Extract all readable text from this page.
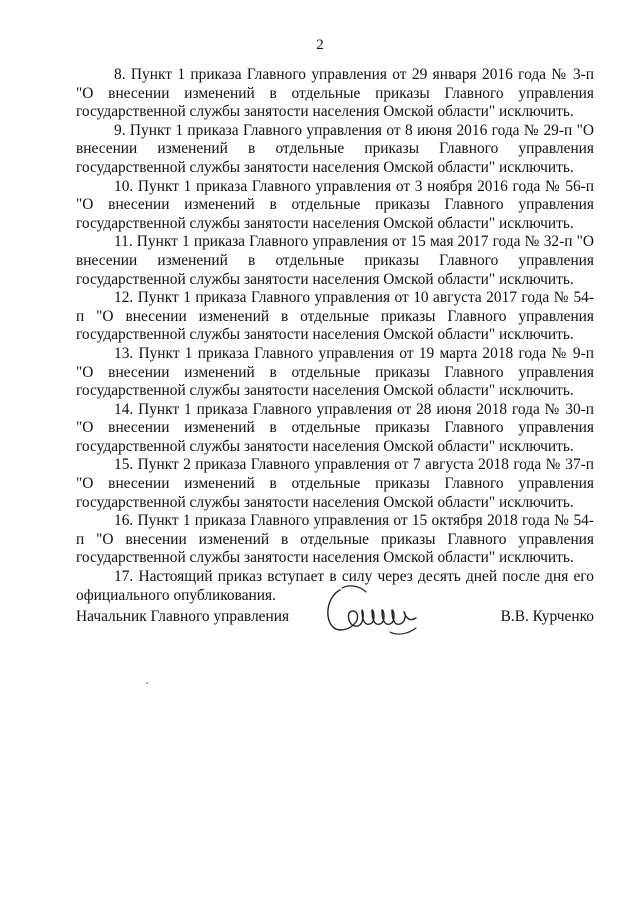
2

8. Пункт 1 приказа Главного управления от 29 января 2016 года № 3-п "О внесении изменений в отдельные приказы Главного управления государственной службы занятости населения Омской области" исключить.

9. Пункт 1 приказа Главного управления от 8 июня 2016 года № 29-п "О внесении изменений в отдельные приказы Главного управления государственной службы занятости населения Омской области" исключить.

10. Пункт 1 приказа Главного управления от 3 ноября 2016 года № 56-п "О внесении изменений в отдельные приказы Главного управления государственной службы занятости населения Омской области" исключить.

11. Пункт 1 приказа Главного управления от 15 мая 2017 года № 32-п "О внесении изменений в отдельные приказы Главного управления государственной службы занятости населения Омской области" исключить.

12. Пункт 1 приказа Главного управления от 10 августа 2017 года № 54-п "О внесении изменений в отдельные приказы Главного управления государственной службы занятости населения Омской области" исключить.

13. Пункт 1 приказа Главного управления от 19 марта 2018 года № 9-п "О внесении изменений в отдельные приказы Главного управления государственной службы занятости населения Омской области" исключить.

14. Пункт 1 приказа Главного управления от 28 июня 2018 года № 30-п "О внесении изменений в отдельные приказы Главного управления государственной службы занятости населения Омской области" исключить.

15. Пункт 2 приказа Главного управления от 7 августа 2018 года № 37-п "О внесении изменений в отдельные приказы Главного управления государственной службы занятости населения Омской области" исключить.

16. Пункт 1 приказа Главного управления от 15 октября 2018 года № 54-п "О внесении изменений в отдельные приказы Главного управления государственной службы занятости населения Омской области" исключить.

17. Настоящий приказ вступает в силу через десять дней после дня его официального опубликования.

Начальник Главного управления	В.В. Курченко
